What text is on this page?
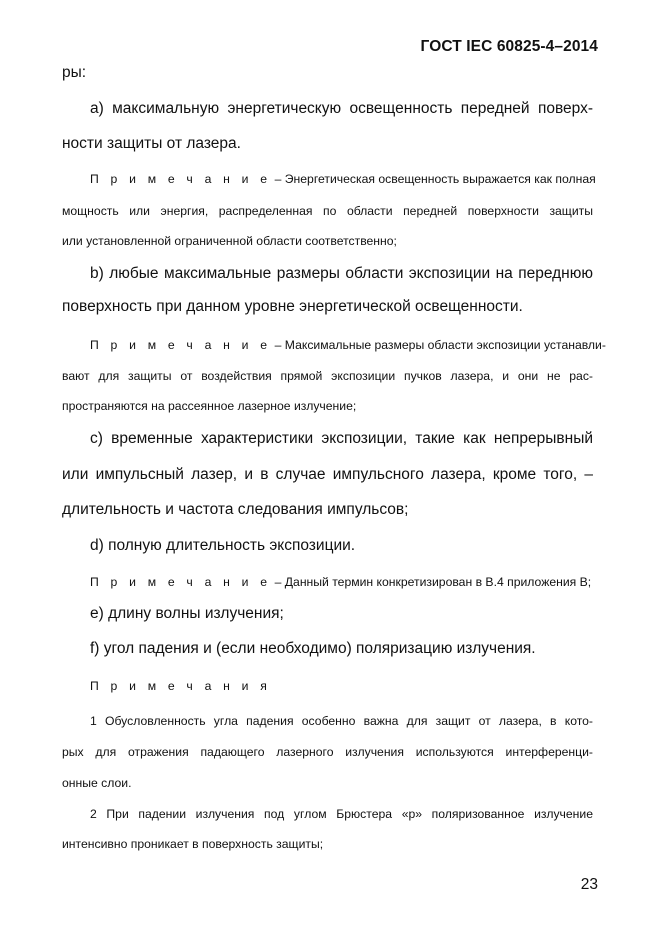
ГОСТ IEC 60825-4–2014
ры:
а) максимальную энергетическую освещенность передней поверх-
ности защиты от лазера.
П р и м е ч а н и е – Энергетическая освещенность выражается как полная
мощность или энергия, распределенная по области передней поверхности защиты
или установленной ограниченной области соответственно;
b) любые максимальные размеры области экспозиции на переднюю
поверхность при данном уровне энергетической освещенности.
П р и м е ч а н и е – Максимальные размеры области экспозиции устанавли-
вают для защиты от воздействия прямой экспозиции пучков лазера, и они не рас-
пространяются на рассеянное лазерное излучение;
с) временные характеристики экспозиции, такие как непрерывный
или импульсный лазер, и в случае импульсного лазера, кроме того, –
длительность и частота следования импульсов;
d) полную длительность экспозиции.
П р и м е ч а н и е – Данный термин конкретизирован в В.4 приложения В;
е) длину волны излучения;
f) угол падения и (если необходимо) поляризацию излучения.
П р и м е ч а н и я
1 Обусловленность угла падения особенно важна для защит от лазера, в кото-
рых для отражения падающего лазерного излучения используются интерференци-
онные слои.
2 При падении излучения под углом Брюстера «р» поляризованное излучение
интенсивно проникает в поверхность защиты;
23
